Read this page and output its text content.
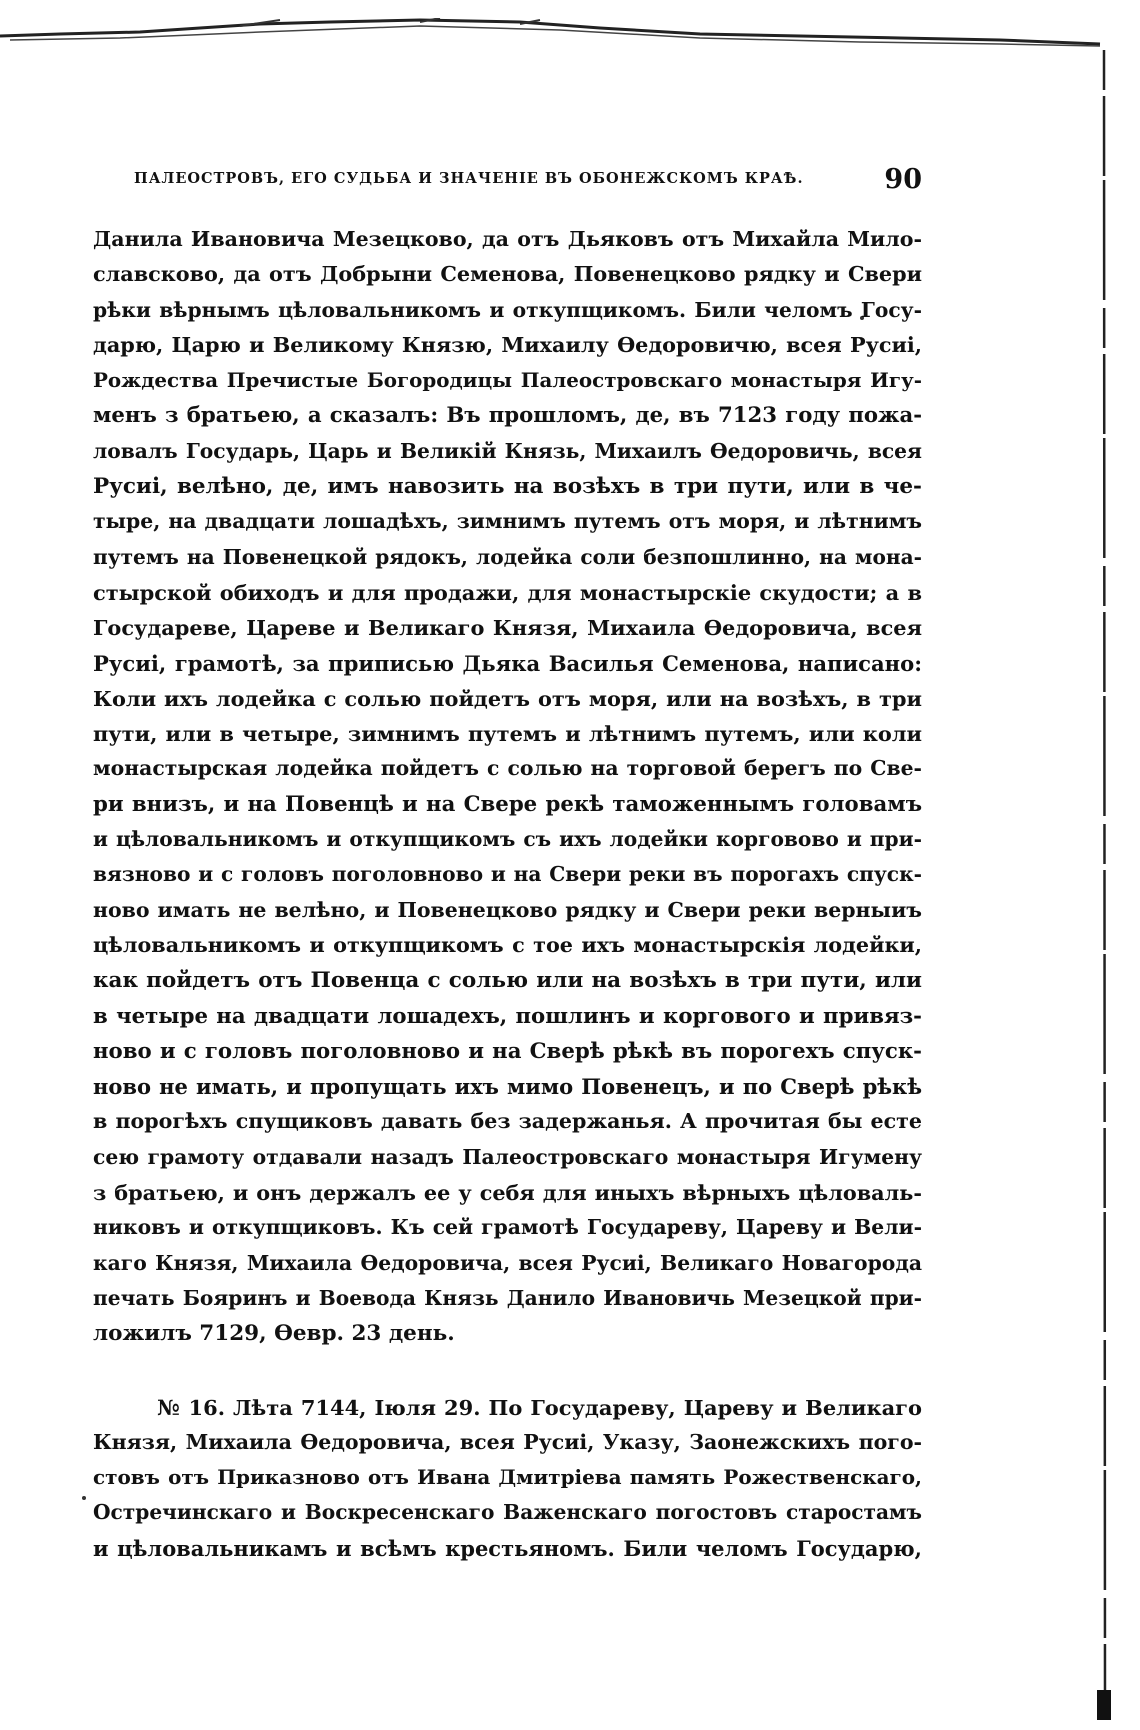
ПАЛЕОСТРОВЪ, ЕГО СУДЬБА И ЗНАЧЕНІЕ ВЪ ОБОНЕЖСКОМЪ КРАѢ.	90
Данила Ивановича Мезецково, да отъ Дьяковъ отъ Михайла Мило-
славсково, да отъ Добрыни Семенова, Повенецково рядку и Свери
рѣки вѣрнымъ цѣловальникомъ и откупщикомъ. Били челомъ Госу-
дарю, Царю и Великому Князю, Михаилу Ѳедоровичю, всея Русиі,
Рождества Пречистые Богородицы Палеостровскаго монастыря Игу-
менъ з братьею, а сказалъ: Въ прошломъ, де, въ 7123 году пожа-
ловалъ Государь, Царь и Великій Князь, Михаилъ Ѳедоровичь, всея
Русиі, велѣно, де, имъ навозить на возѣхъ в три пути, или в че-
тыре, на двадцати лошадѣхъ, зимнимъ путемъ отъ моря, и лѣтнимъ
путемъ на Повенецкой рядокъ, лодейка соли безпошлинно, на мона-
стырской обиходъ и для продажи, для монастырскіе скудости; а в
Государеве, Цареве и Великаго Князя, Михаила Ѳедоровича, всея
Русиі, грамотѣ, за приписью Дьяка Василья Семенова, написано:
Коли ихъ лодейка с солью пойдетъ отъ моря, или на возѣхъ, в три
пути, или в четыре, зимнимъ путемъ и лѣтнимъ путемъ, или коли
монастырская лодейка пойдетъ с солью на торговой берегъ по Све-
ри внизъ, и на Повенцѣ и на Свере рекѣ таможеннымъ головамъ
и цѣловальникомъ и откупщикомъ съ ихъ лодейки корговово и при-
вязново и с головъ поголовново и на Свери реки въ порогахъ спуск-
ново имать не велѣно, и Повенецково рядку и Свери реки верныиъ
цѣловальникомъ и откупщикомъ с тое ихъ монастырскія лодейки,
как пойдетъ отъ Повенца с солью или на возѣхъ в три пути, или
в четыре на двадцати лошадехъ, пошлинъ и коргового и привяз-
ново и с головъ поголовново и на Сверѣ рѣкѣ въ порогехъ спуск-
ново не имать, и пропущать ихъ мимо Повенецъ, и по Сверѣ рѣкѣ
в порогѣхъ спущиковъ давать без задержанья. А прочитая бы есте
сею грамоту отдавали назадъ Палеостровскаго монастыря Игумену
з братьею, и онъ держалъ ее у себя для иныхъ вѣрныхъ цѣловаль-
никовъ и откупщиковъ. Къ сей грамотѣ Государеву, Цареву и Вели-
каго Князя, Михаила Ѳедоровича, всея Русиі, Великаго Новагорода
печать Бояринъ и Воевода Князь Данило Ивановичь Мезецкой при-
ложилъ 7129, Ѳевр. 23 день.
№ 16. Лѣта 7144, Іюля 29. По Государеву, Цареву и Великаго
Князя, Михаила Ѳедоровича, всея Русиі, Указу, Заонежскихъ пого-
стовъ отъ Приказново отъ Ивана Дмитріева память Рожественскаго,
Остречинскаго и Воскресенскаго Важенскаго погостовъ старостамъ
и цѣловальникамъ и всѣмъ крестьяномъ. Били челомъ Государю,
